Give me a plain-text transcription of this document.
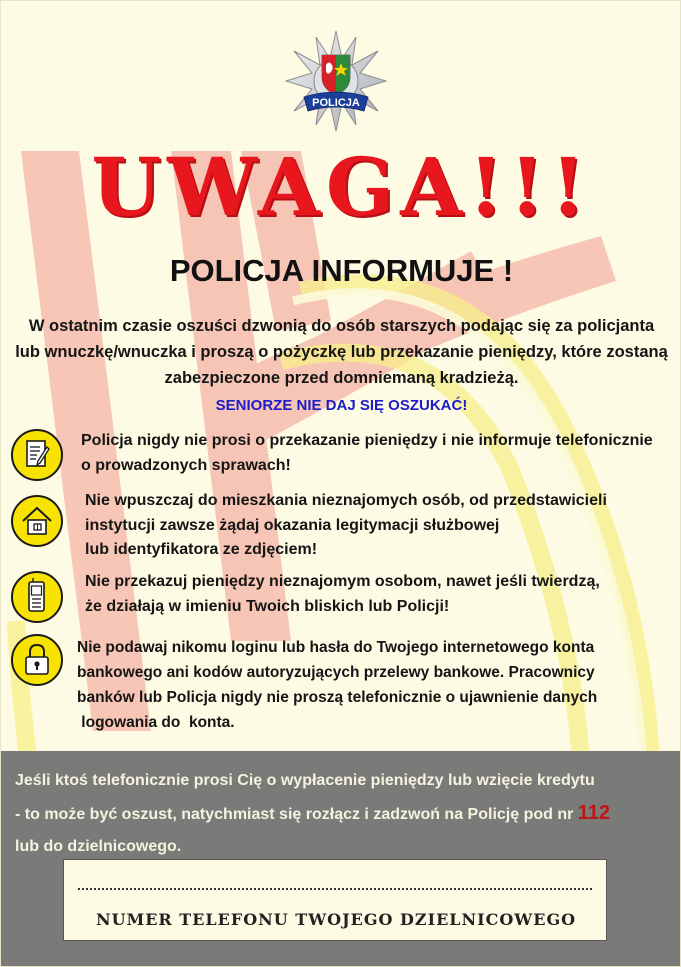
POLICJA
UWAGA!!!
POLICJA INFORMUJE !
W ostatnim czasie oszuści dzwonią do osób starszych podając się za policjanta
lub wnuczkę/wnuczka i proszą o pożyczkę lub przekazanie pieniędzy, które zostaną
zabezpieczone przed domniemaną kradzieżą.
SENIORZE NIE DAJ SIĘ OSZUKAĆ!
Policja nigdy nie prosi o przekazanie pieniędzy i nie informuje telefonicznie
o prowadzonych sprawach!
Nie wpuszczaj do mieszkania nieznajomych osób, od przedstawicieli
instytucji zawsze żądaj okazania legitymacji służbowej
lub identyfikatora ze zdjęciem!
Nie przekazuj pieniędzy nieznajomym osobom, nawet jeśli twierdzą,
że działają w imieniu Twoich bliskich lub Policji!
Nie podawaj nikomu loginu lub hasła do Twojego internetowego konta
bankowego ani kodów autoryzujących przelewy bankowe. Pracownicy
banków lub Policja nigdy nie proszą telefonicznie o ujawnienie danych
logowania do  konta.
Jeśli ktoś telefonicznie prosi Cię o wypłacenie pieniędzy lub wzięcie kredytu
- to może być oszust, natychmiast się rozłącz i zadzwoń na Policję pod nr 112
lub do dzielnicowego.
NUMER TELEFONU TWOJEGO DZIELNICOWEGO
